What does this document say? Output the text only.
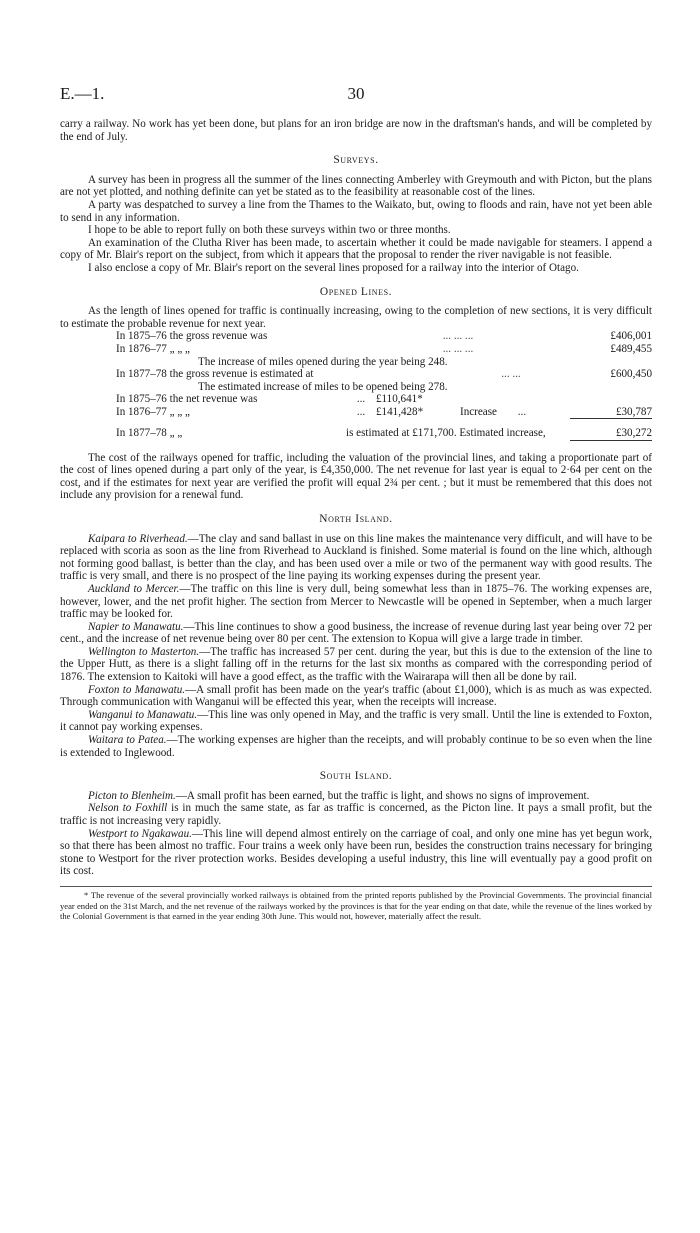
E.—1.	30

carry a railway. No work has yet been done, but plans for an iron bridge are now in the draftsman's hands, and will be completed by the end of July.

Surveys.

A survey has been in progress all the summer of the lines connecting Amberley with Greymouth and with Picton, but the plans are not yet plotted, and nothing definite can yet be stated as to the feasibility at reasonable cost of the lines.

A party was despatched to survey a line from the Thames to the Waikato, but, owing to floods and rain, have not yet been able to send in any information.

I hope to be able to report fully on both these surveys within two or three months.

An examination of the Clutha River has been made, to ascertain whether it could be made navigable for steamers. I append a copy of Mr. Blair's report on the subject, from which it appears that the proposal to render the river navigable is not feasible.

I also enclose a copy of Mr. Blair's report on the several lines proposed for a railway into the interior of Otago.

Opened Lines.

As the length of lines opened for traffic is continually increasing, owing to the completion of new sections, it is very difficult to estimate the probable revenue for next year.

In 1875–76 the gross revenue was	... ... ...		£406,001
In 1876–77 „ „ „	... ... ...		£489,455
The increase of miles opened during the year being 248.			
In 1877–78 the gross revenue is estimated at		... ...	£600,450
The estimated increase of miles to be opened being 278.			
In 1875–76 the net revenue was	... £110,641*		
In 1876–77 „ „ „	... £141,428*	Increase ...	£30,787

In 1877–78 „ „	is estimated at £171,700. Estimated increase,		£30,272

The cost of the railways opened for traffic, including the valuation of the provincial lines, and taking a proportionate part of the cost of lines opened during a part only of the year, is £4,350,000. The net revenue for last year is equal to 2·64 per cent on the cost, and if the estimates for next year are verified the profit will equal 2¾ per cent. ; but it must be remembered that this does not include any provision for a renewal fund.

North Island.

Kaipara to Riverhead.—The clay and sand ballast in use on this line makes the maintenance very difficult, and will have to be replaced with scoria as soon as the line from Riverhead to Auckland is finished. Some material is found on the line which, although not forming good ballast, is better than the clay, and has been used over a mile or two of the permanent way with good results. The traffic is very small, and there is no prospect of the line paying its working expenses during the present year.

Auckland to Mercer.—The traffic on this line is very dull, being somewhat less than in 1875–76. The working expenses are, however, lower, and the net profit higher. The section from Mercer to Newcastle will be opened in September, when a much larger traffic may be looked for.

Napier to Manawatu.—This line continues to show a good business, the increase of revenue during last year being over 72 per cent., and the increase of net revenue being over 80 per cent. The extension to Kopua will give a large trade in timber.

Wellington to Masterton.—The traffic has increased 57 per cent. during the year, but this is due to the extension of the line to the Upper Hutt, as there is a slight falling off in the returns for the last six months as compared with the corresponding period of 1876. The extension to Kaitoki will have a good effect, as the traffic with the Wairarapa will then all be done by rail.

Foxton to Manawatu.—A small profit has been made on the year's traffic (about £1,000), which is as much as was expected. Through communication with Wanganui will be effected this year, when the receipts will increase.

Wanganui to Manawatu.—This line was only opened in May, and the traffic is very small. Until the line is extended to Foxton, it cannot pay working expenses.

Waitara to Patea.—The working expenses are higher than the receipts, and will probably continue to be so even when the line is extended to Inglewood.

South Island.

Picton to Blenheim.—A small profit has been earned, but the traffic is light, and shows no signs of improvement.

Nelson to Foxhill is in much the same state, as far as traffic is concerned, as the Picton line. It pays a small profit, but the traffic is not increasing very rapidly.

Westport to Ngakawau.—This line will depend almost entirely on the carriage of coal, and only one mine has yet begun work, so that there has been almost no traffic. Four trains a week only have been run, besides the construction trains necessary for bringing stone to Westport for the river protection works. Besides developing a useful industry, this line will eventually pay a good profit on its cost.

* The revenue of the several provincially worked railways is obtained from the printed reports published by the Provincial Governments. The provincial financial year ended on the 31st March, and the net revenue of the railways worked by the provinces is that for the year ending on that date, while the revenue of the lines worked by the Colonial Government is that earned in the year ending 30th June. This would not, however, materially affect the result.
